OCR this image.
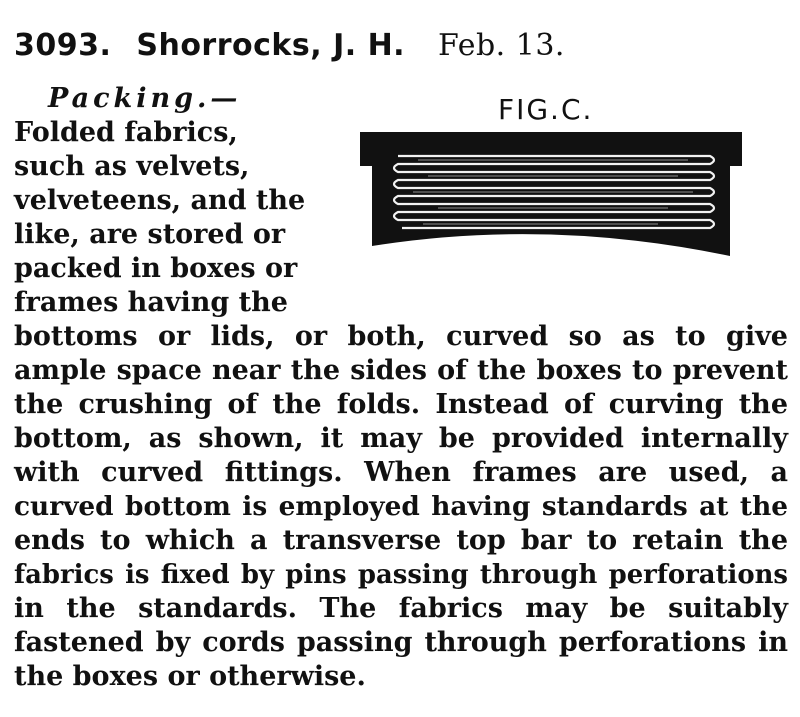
3093. Shorrocks, J. H. Feb. 13.
Packing.—
Folded fabrics,
such as velvets,
velveteens, and the
like, are stored or
packed in boxes or
frames having the
FIG.C.
bottoms or lids, or both, curved so as to give
ample space near the sides of the boxes to prevent
the crushing of the folds. Instead of curving the
bottom, as shown, it may be provided internally
with curved fittings. When frames are used, a
curved bottom is employed having standards at the
ends to which a transverse top bar to retain the
fabrics is fixed by pins passing through perforations
in the standards. The fabrics may be suitably
fastened by cords passing through perforations in
the boxes or otherwise.
